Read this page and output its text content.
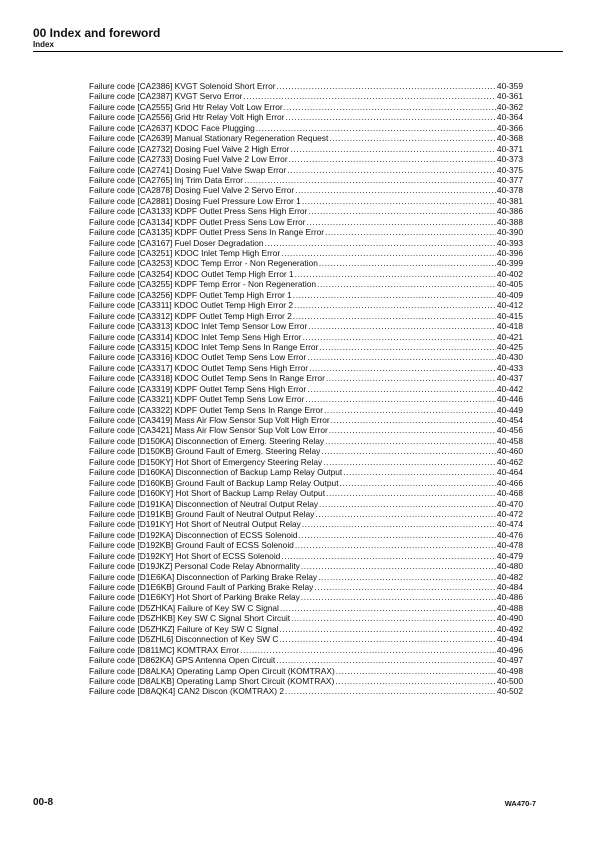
00 Index and foreword
Index
Failure code [CA2386] KVGT Solenoid Short Error .....	40-359
Failure code [CA2387] KVGT Servo Error .....	40-361
Failure code [CA2555] Grid Htr Relay Volt Low Error .....	40-362
Failure code [CA2556] Grid Htr Relay Volt High Error .....	40-364
Failure code [CA2637] KDOC Face Plugging .....	40-366
Failure code [CA2639] Manual Stationary Regeneration Request .....	40-368
Failure code [CA2732] Dosing Fuel Valve 2 High Error .....	40-371
Failure code [CA2733] Dosing Fuel Valve 2 Low Error .....	40-373
Failure code [CA2741] Dosing Fuel Valve Swap Error .....	40-375
Failure code [CA2765] Inj Trim Data Error .....	40-377
Failure code [CA2878] Dosing Fuel Valve 2 Servo Error .....	40-378
Failure code [CA2881] Dosing Fuel Pressure Low Error 1 .....	40-381
Failure code [CA3133] KDPF Outlet Press Sens High Error .....	40-386
Failure code [CA3134] KDPF Outlet Press Sens Low Error .....	40-388
Failure code [CA3135] KDPF Outlet Press Sens In Range Error .....	40-390
Failure code [CA3167] Fuel Doser Degradation .....	40-393
Failure code [CA3251] KDOC Inlet Temp High Error .....	40-396
Failure code [CA3253] KDOC Temp Error - Non Regeneration .....	40-399
Failure code [CA3254] KDOC Outlet Temp High Error 1 .....	40-402
Failure code [CA3255] KDPF Temp Error - Non Regeneration .....	40-405
Failure code [CA3256] KDPF Outlet Temp High Error 1 .....	40-409
Failure code [CA3311] KDOC Outlet Temp High Error 2 .....	40-412
Failure code [CA3312] KDPF Outlet Temp High Error 2 .....	40-415
Failure code [CA3313] KDOC Inlet Temp Sensor Low Error .....	40-418
Failure code [CA3314] KDOC Inlet Temp Sens High Error .....	40-421
Failure code [CA3315] KDOC Inlet Temp Sens In Range Error .....	40-425
Failure code [CA3316] KDOC Outlet Temp Sens Low Error .....	40-430
Failure code [CA3317] KDOC Outlet Temp Sens High Error .....	40-433
Failure code [CA3318] KDOC Outlet Temp Sens In Range Error .....	40-437
Failure code [CA3319] KDPF Outlet Temp Sens High Error .....	40-442
Failure code [CA3321] KDPF Outlet Temp Sens Low Error .....	40-446
Failure code [CA3322] KDPF Outlet Temp Sens In Range Error .....	40-449
Failure code [CA3419] Mass Air Flow Sensor Sup Volt High Error .....	40-454
Failure code [CA3421] Mass Air Flow Sensor Sup Volt Low Error .....	40-456
Failure code [D150KA] Disconnection of Emerg. Steering Relay .....	40-458
Failure code [D150KB] Ground Fault of Emerg. Steering Relay .....	40-460
Failure code [D150KY] Hot Short of Emergency Steering Relay .....	40-462
Failure code [D160KA] Disconnection of Backup Lamp Relay Output .....	40-464
Failure code [D160KB] Ground Fault of Backup Lamp Relay Output .....	40-466
Failure code [D160KY] Hot Short of Backup Lamp Relay Output .....	40-468
Failure code [D191KA] Disconnection of Neutral Output Relay .....	40-470
Failure code [D191KB] Ground Fault of Neutral Output Relay .....	40-472
Failure code [D191KY] Hot Short of Neutral Output Relay .....	40-474
Failure code [D192KA] Disconnection of ECSS Solenoid .....	40-476
Failure code [D192KB] Ground Fault of ECSS Solenoid .....	40-478
Failure code [D192KY] Hot Short of ECSS Solenoid .....	40-479
Failure code [D19JKZ] Personal Code Relay Abnormality .....	40-480
Failure code [D1E6KA] Disconnection of Parking Brake Relay .....	40-482
Failure code [D1E6KB] Ground Fault of Parking Brake Relay .....	40-484
Failure code [D1E6KY] Hot Short of Parking Brake Relay .....	40-486
Failure code [D5ZHKA] Failure of Key SW C Signal .....	40-488
Failure code [D5ZHKB] Key SW C Signal Short Circuit .....	40-490
Failure code [D5ZHKZ] Failure of Key SW C Signal .....	40-492
Failure code [D5ZHL6] Disconnection of Key SW C .....	40-494
Failure code [D811MC] KOMTRAX Error .....	40-496
Failure code [D862KA] GPS Antenna Open Circuit .....	40-497
Failure code [D8ALKA] Operating Lamp Open Circuit (KOMTRAX) .....	40-498
Failure code [D8ALKB] Operating Lamp Short Circuit (KOMTRAX) .....	40-500
Failure code [D8AQK4] CAN2 Discon (KOMTRAX) 2 .....	40-502
00-8	WA470-7
